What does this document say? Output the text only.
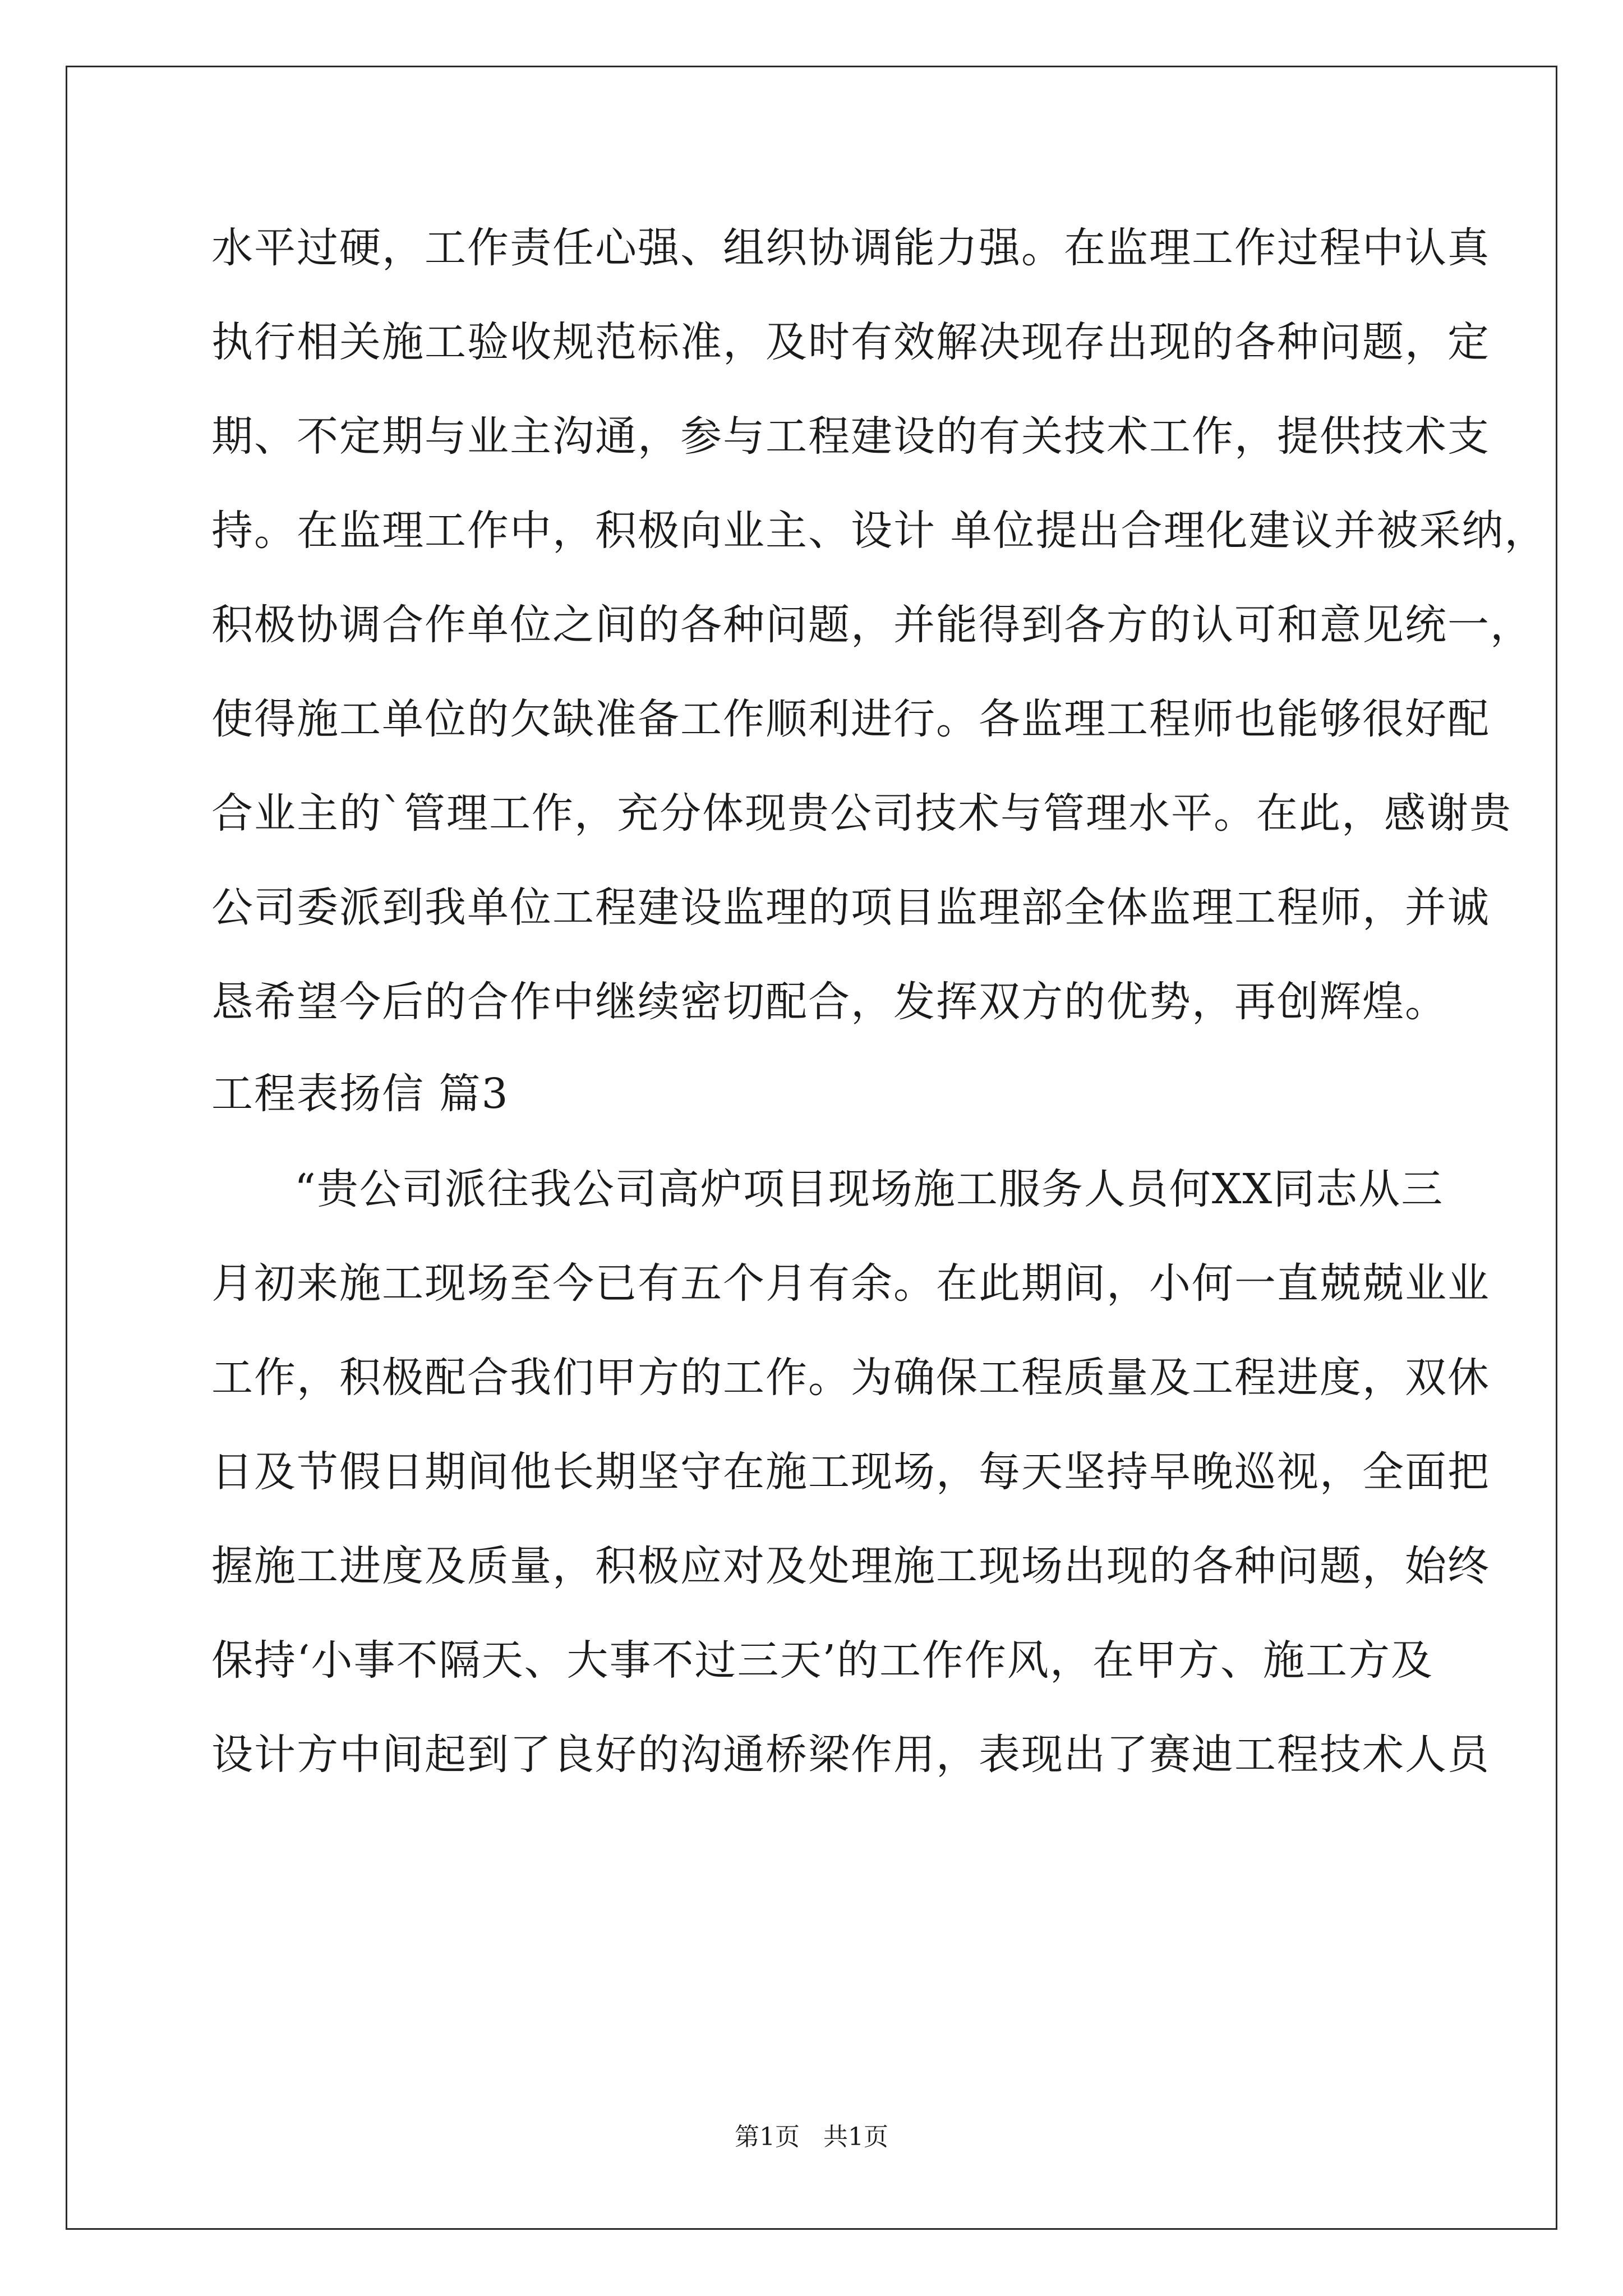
水平过硬，工作责任心强、组织协调能力强。在监理工作过程中认真
执行相关施工验收规范标准，及时有效解决现存出现的各种问题，定
期、不定期与业主沟通，参与工程建设的有关技术工作，提供技术支
持。在监理工作中，积极向业主、设计 单位提出合理化建议并被采纳，
积极协调合作单位之间的各种问题，并能得到各方的认可和意见统一，
使得施工单位的欠缺准备工作顺利进行。各监理工程师也能够很好配
合业主的`管理工作，充分体现贵公司技术与管理水平。在此，感谢贵
公司委派到我单位工程建设监理的项目监理部全体监理工程师，并诚
恳希望今后的合作中继续密切配合，发挥双方的优势，再创辉煌。
工程表扬信 篇3
“贵公司派往我公司高炉项目现场施工服务人员何XX同志从三
月初来施工现场至今已有五个月有余。在此期间，小何一直兢兢业业
工作，积极配合我们甲方的工作。为确保工程质量及工程进度，双休
日及节假日期间他长期坚守在施工现场，每天坚持早晚巡视，全面把
握施工进度及质量，积极应对及处理施工现场出现的各种问题，始终
保持‘小事不隔天、大事不过三天’的工作作风，在甲方、施工方及
设计方中间起到了良好的沟通桥梁作用，表现出了赛迪工程技术人员
第1页   共1页
